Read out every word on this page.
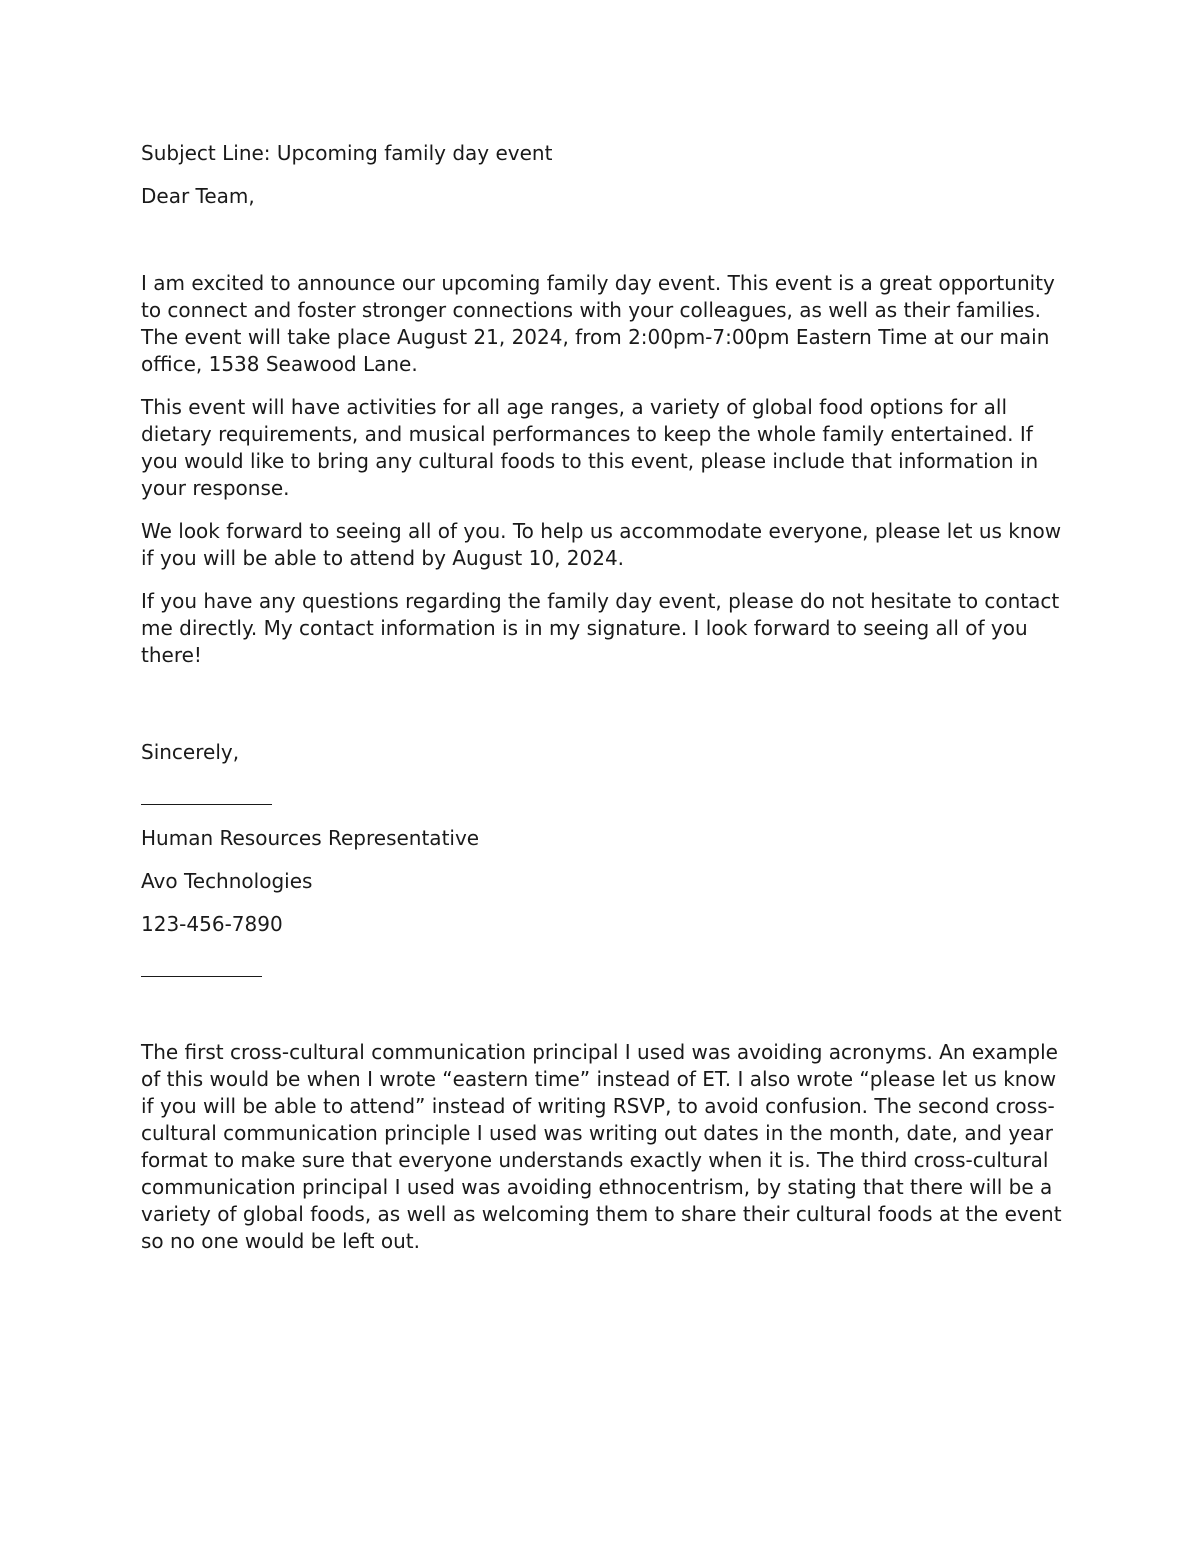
Subject Line: Upcoming family day event

Dear Team,

I am excited to announce our upcoming family day event. This event is a great opportunity to connect and foster stronger connections with your colleagues, as well as their families. The event will take place August 21, 2024, from 2:00pm-7:00pm Eastern Time at our main office, 1538 Seawood Lane.

This event will have activities for all age ranges, a variety of global food options for all dietary requirements, and musical performances to keep the whole family entertained. If you would like to bring any cultural foods to this event, please include that information in your response.

We look forward to seeing all of you. To help us accommodate everyone, please let us know if you will be able to attend by August 10, 2024.

If you have any questions regarding the family day event, please do not hesitate to contact me directly. My contact information is in my signature. I look forward to seeing all of you there!

Sincerely,

Human Resources Representative

Avo Technologies

123-456-7890

The first cross-cultural communication principal I used was avoiding acronyms. An example of this would be when I wrote “eastern time” instead of ET. I also wrote “please let us know if you will be able to attend” instead of writing RSVP, to avoid confusion. The second cross-cultural communication principle I used was writing out dates in the month, date, and year format to make sure that everyone understands exactly when it is. The third cross-cultural communication principal I used was avoiding ethnocentrism, by stating that there will be a variety of global foods, as well as welcoming them to share their cultural foods at the event so no one would be left out.
